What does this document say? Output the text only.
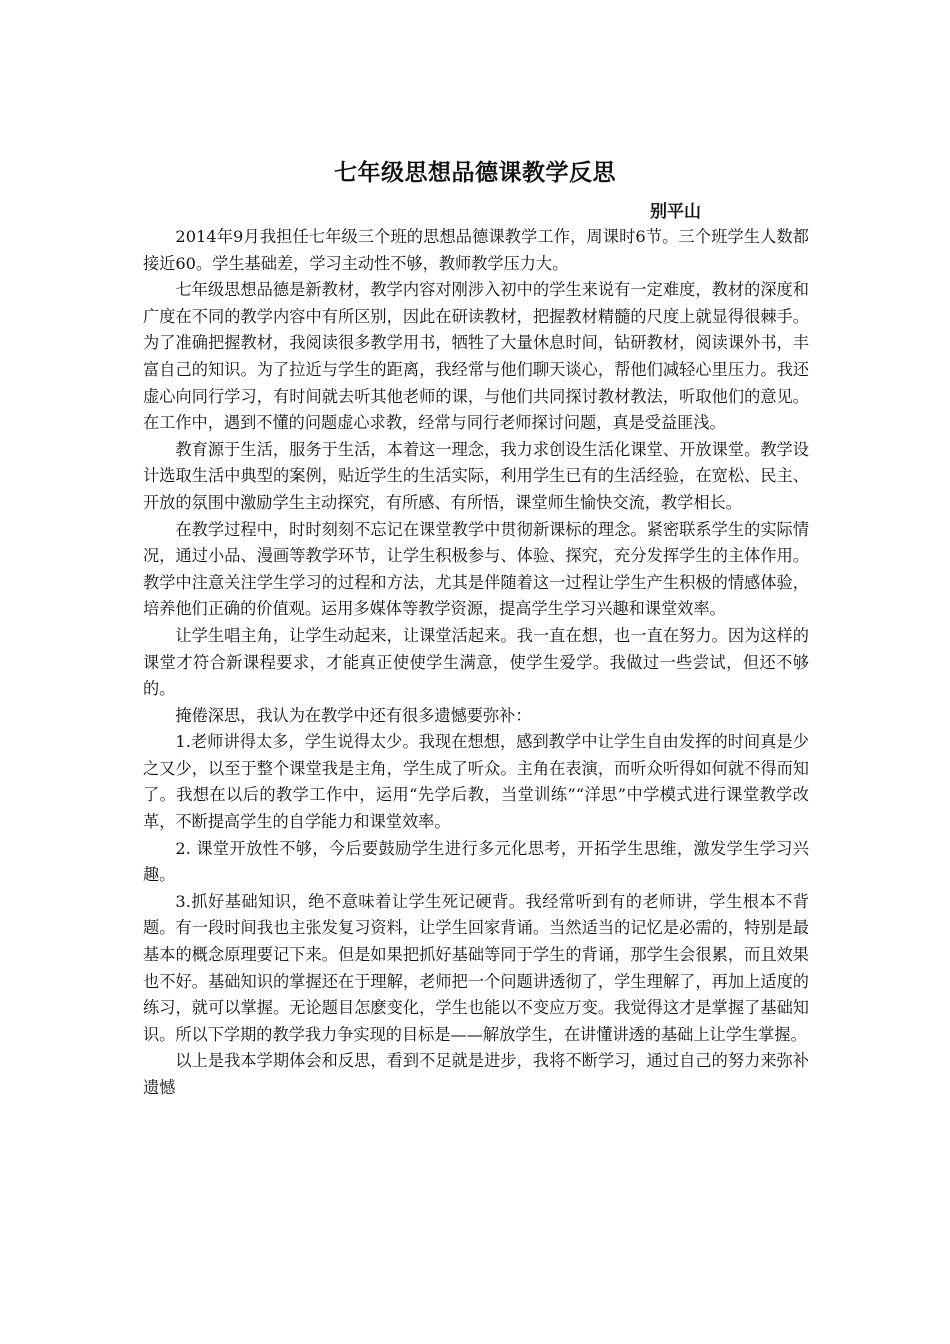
七年级思想品德课教学反思
别平山

2014年9月我担任七年级三个班的思想品德课教学工作，周课时6节。三个班学生人数都接近60。学生基础差，学习主动性不够，教师教学压力大。

七年级思想品德是新教材，教学内容对刚涉入初中的学生来说有一定难度，教材的深度和广度在不同的教学内容中有所区别，因此在研读教材，把握教材精髓的尺度上就显得很棘手。为了准确把握教材，我阅读很多教学用书，牺牲了大量休息时间，钻研教材，阅读课外书，丰富自己的知识。为了拉近与学生的距离，我经常与他们聊天谈心，帮他们减轻心里压力。我还虚心向同行学习，有时间就去听其他老师的课，与他们共同探讨教材教法，听取他们的意见。在工作中，遇到不懂的问题虚心求教，经常与同行老师探讨问题，真是受益匪浅。

教育源于生活，服务于生活，本着这一理念，我力求创设生活化课堂、开放课堂。教学设计选取生活中典型的案例，贴近学生的生活实际，利用学生已有的生活经验，在宽松、民主、开放的氛围中激励学生主动探究，有所感、有所悟，课堂师生愉快交流，教学相长。

在教学过程中，时时刻刻不忘记在课堂教学中贯彻新课标的理念。紧密联系学生的实际情况，通过小品、漫画等教学环节，让学生积极参与、体验、探究，充分发挥学生的主体作用。教学中注意关注学生学习的过程和方法，尤其是伴随着这一过程让学生产生积极的情感体验，培养他们正确的价值观。运用多媒体等教学资源，提高学生学习兴趣和课堂效率。

让学生唱主角，让学生动起来，让课堂活起来。我一直在想，也一直在努力。因为这样的课堂才符合新课程要求，才能真正使使学生满意，使学生爱学。我做过一些尝试，但还不够的。

掩倦深思，我认为在教学中还有很多遗憾要弥补：

1.老师讲得太多，学生说得太少。我现在想想，感到教学中让学生自由发挥的时间真是少之又少，以至于整个课堂我是主角，学生成了听众。主角在表演，而听众听得如何就不得而知了。我想在以后的教学工作中，运用“先学后教，当堂训练”“洋思”中学模式进行课堂教学改革，不断提高学生的自学能力和课堂效率。

2. 课堂开放性不够，今后要鼓励学生进行多元化思考，开拓学生思维，激发学生学习兴趣。

3.抓好基础知识，绝不意味着让学生死记硬背。我经常听到有的老师讲，学生根本不背题。有一段时间我也主张发复习资料，让学生回家背诵。当然适当的记忆是必需的，特别是最基本的概念原理要记下来。但是如果把抓好基础等同于学生的背诵，那学生会很累，而且效果也不好。基础知识的掌握还在于理解，老师把一个问题讲透彻了，学生理解了，再加上适度的练习，就可以掌握。无论题目怎麽变化，学生也能以不变应万变。我觉得这才是掌握了基础知识。所以下学期的教学我力争实现的目标是——解放学生，在讲懂讲透的基础上让学生掌握。

以上是我本学期体会和反思，看到不足就是进步，我将不断学习，通过自己的努力来弥补遗憾
